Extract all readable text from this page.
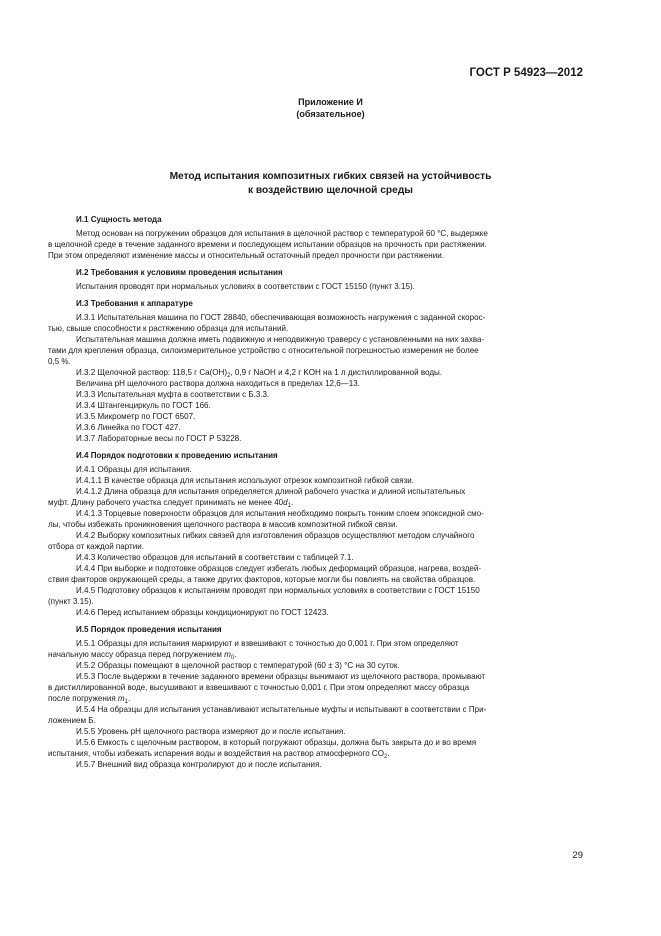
ГОСТ Р 54923—2012
Приложение И
(обязательное)
Метод испытания композитных гибких связей на устойчивость
к воздействию щелочной среды
И.1 Сущность метода
Метод основан на погружении образцов для испытания в щелочной раствор с температурой 60 °С, выдержке
в щелочной среде в течение заданного времени и последующем испытании образцов на прочность при растяжении.
При этом определяют изменение массы и относительный остаточный предел прочности при растяжении.
И.2 Требования к условиям проведения испытания
Испытания проводят при нормальных условиях в соответствии с ГОСТ 15150 (пункт 3.15).
И.3 Требования к аппаратуре
И.3.1 Испытательная машина по ГОСТ 28840, обеспечивающая возможность нагружения с заданной скорос-
тью, свыше способности к растяжению образца для испытаний.
Испытательная машина должна иметь подвижную и неподвижную траверсу с установленными на них захва-
тами для крепления образца, силоизмерительное устройство с относительной погрешностью измерения не более
0,5 %.
И.3.2 Щелочной раствор: 118,5 г $Ca(OH)_2$, 0,9 г NaOH и 4,2 г KOH на 1 л дистиллированной воды.
Величина pH щелочного раствора должна находиться в пределах 12,6—13.
И.3.3 Испытательная муфта в соответствии с Б.3.3.
И.3.4 Штангенциркуль по ГОСТ 166.
И.3.5 Микрометр по ГОСТ 6507.
И.3.6 Линейка по ГОСТ 427.
И.3.7 Лабораторные весы по ГОСТ Р 53228.
И.4 Порядок подготовки к проведению испытания
И.4.1 Образцы для испытания.
И.4.1.1 В качестве образца для испытания используют отрезок композитной гибкой связи.
И.4.1.2 Длина образца для испытания определяется длиной рабочего участка и длиной испытательных
муфт. Длину рабочего участка следует принимать не менее $40d_1$.
И.4.1.3 Торцевые поверхности образцов для испытания необходимо покрыть тонким слоем эпоксидной смо-
лы, чтобы избежать проникновения щелочного раствора в массив композитной гибкой связи.
И.4.2 Выборку композитных гибких связей для изготовления образцов осуществляют методом случайного
отбора от каждой партии.
И.4.3 Количество образцов для испытаний в соответствии с таблицей 7.1.
И.4.4 При выборке и подготовке образцов следует избегать любых деформаций образцов, нагрева, воздей-
ствия факторов окружающей среды, а также других факторов, которые могли бы повлиять на свойства образцов.
И.4.5 Подготовку образцов к испытаниям проводят при нормальных условиях в соответствии с ГОСТ 15150
(пункт 3.15).
И.4.6 Перед испытанием образцы кондиционируют по ГОСТ 12423.
И.5 Порядок проведения испытания
И.5.1 Образцы для испытания маркируют и взвешивают с точностью до 0,001 г. При этом определяют
начальную массу образца перед погружением $m_0$.
И.5.2 Образцы помещают в щелочной раствор с температурой (60 ± 3) °С на 30 суток.
И.5.3 После выдержки в течение заданного времени образцы вынимают из щелочного раствора, промывают
в дистиллированной воде, высушивают и взвешивают с точностью 0,001 г. При этом определяют массу образца
после погружения $m_1$.
И.5.4 На образцы для испытания устанавливают испытательные муфты и испытывают в соответствии с При-
ложением Б.
И.5.5 Уровень pH щелочного раствора измеряют до и после испытания.
И.5.6 Емкость с щелочным раствором, в который погружают образцы, должна быть закрыта до и во время
испытания, чтобы избежать испарения воды и воздействия на раствор атмосферного $CO_2$.
И.5.7 Внешний вид образца контролируют до и после испытания.
29
